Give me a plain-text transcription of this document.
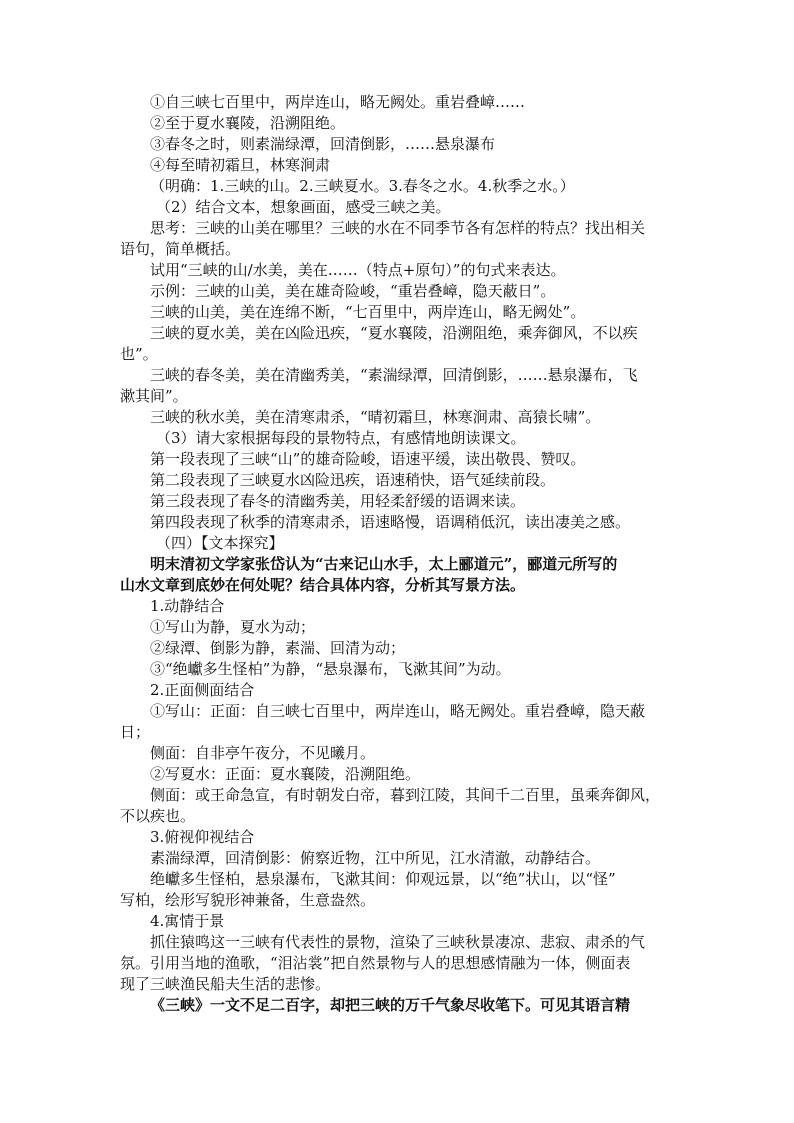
①自三峡七百里中，两岸连山，略无阙处。重岩叠嶂……

②至于夏水襄陵，沿溯阻绝。

③春冬之时，则素湍绿潭，回清倒影，……悬泉瀑布

④每至晴初霜旦，林寒涧肃

（明确：1.三峡的山。2.三峡夏水。3.春冬之水。4.秋季之水。）

（2）结合文本，想象画面，感受三峡之美。

思考：三峡的山美在哪里？三峡的水在不同季节各有怎样的特点？找出相关

语句，简单概括。

试用“三峡的山/水美，美在……（特点+原句）”的句式来表达。

示例：三峡的山美，美在雄奇险峻，“重岩叠嶂，隐天蔽日”。

三峡的山美，美在连绵不断，“七百里中，两岸连山，略无阙处”。

三峡的夏水美，美在凶险迅疾，“夏水襄陵，沿溯阻绝，乘奔御风，不以疾

也”。

三峡的春冬美，美在清幽秀美，“素湍绿潭，回清倒影，……悬泉瀑布，飞

漱其间”。

三峡的秋水美，美在清寒肃杀，“晴初霜旦，林寒涧肃、高猿长啸”。

（3）请大家根据每段的景物特点，有感情地朗读课文。

第一段表现了三峡“山”的雄奇险峻，语速平缓，读出敬畏、赞叹。

第二段表现了三峡夏水凶险迅疾，语速稍快，语气延续前段。

第三段表现了春冬的清幽秀美，用轻柔舒缓的语调来读。

第四段表现了秋季的清寒肃杀，语速略慢，语调稍低沉，读出凄美之感。

（四）【文本探究】

明末清初文学家张岱认为“古来记山水手，太上郦道元”，郦道元所写的

山水文章到底妙在何处呢？结合具体内容，分析其写景方法。

1.动静结合

①写山为静，夏水为动；

②绿潭、倒影为静，素湍、回清为动；

③“绝巘多生怪柏”为静，“悬泉瀑布，飞漱其间”为动。

2.正面侧面结合

①写山：正面：自三峡七百里中，两岸连山，略无阙处。重岩叠嶂，隐天蔽

日；

侧面：自非亭午夜分，不见曦月。

②写夏水：正面：夏水襄陵，沿溯阻绝。

侧面：或王命急宣，有时朝发白帝，暮到江陵，其间千二百里，虽乘奔御风，

不以疾也。

3.俯视仰视结合

素湍绿潭，回清倒影：俯察近物，江中所见，江水清澈，动静结合。

绝巘多生怪柏，悬泉瀑布，飞漱其间：仰观远景，以“绝”状山，以“怪”

写柏，绘形写貌形神兼备，生意盎然。

4.寓情于景

抓住猿鸣这一三峡有代表性的景物，渲染了三峡秋景凄凉、悲寂、肃杀的气

氛。引用当地的渔歌，“泪沾裳”把自然景物与人的思想感情融为一体，侧面表

现了三峡渔民船夫生活的悲惨。

《三峡》一文不足二百字，却把三峡的万千气象尽收笔下。可见其语言精
